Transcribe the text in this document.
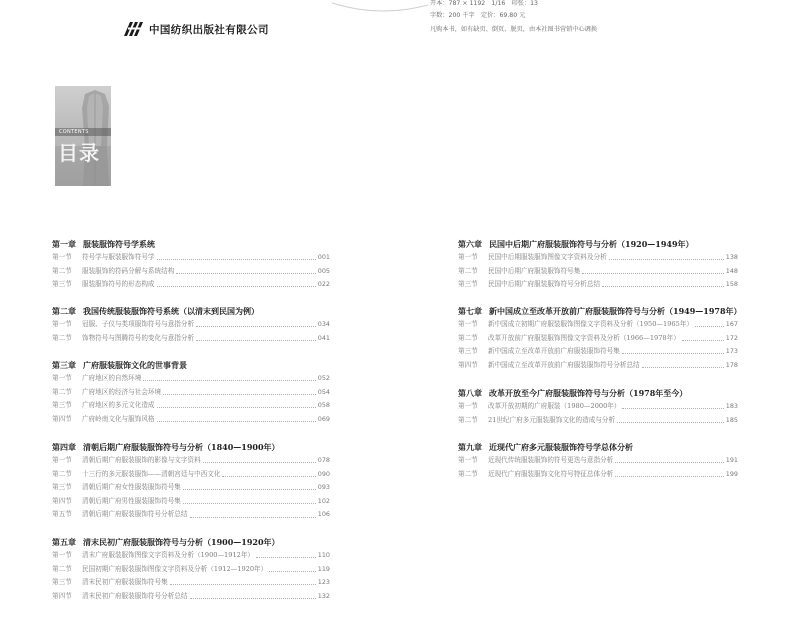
中国纺织出版社有限公司
开本：787 × 1192　1/16　印张：13
字数：200 千字　定价：69.80 元
凡购本书，如有缺页、倒页、脱页，由本社图书营销中心调换
CONTENTS
目录
第一章 服装服饰符号学系统
第一节	符号学与服装服饰符号学	001
第二节	服装服饰的符码分解与系统结构	005
第三节	服装服饰符号的形态构成	022
第二章 我国传统服装服饰符号系统（以清末到民国为例）
第一节	冠服、子仪与类项服饰符号与意指分析	034
第二节	饰物符号与图腾符号的变化与意指分析	041
第三章 广府服装服饰文化的世事背景
第一节	广府地区的自然环境	052
第二节	广府地区的经济与社会环境	054
第三节	广府地区的多元文化造成	058
第四节	广府岭南文化与服饰风格	069
第四章 清朝后期广府服装服饰符号与分析（1840—1900年）
第一节	清朝后期广府服装服饰的影像与文字资料	078
第二节	十三行的多元服装服饰——清朝宫廷与中西文化	090
第三节	清朝后期广府女性服装服饰符号集	093
第四节	清朝后期广府男性服装服饰符号集	102
第五节	清朝后期广府服装服饰符号分析总结	106
第五章 清末民初广府服装服饰符号与分析（1900—1920年）
第一节	清末广府服装服饰图像文字资料及分析（1900—1912年）	110
第二节	民国初期广府服装服饰图像文字资料及分析（1912—1920年）	119
第三节	清末民初广府服装服饰符号集	123
第四节	清末民初广府服装服饰符号分析总结	132
第六章 民国中后期广府服装服饰符号与分析（1920—1949年）
第一节	民国中后期服装服饰图像文字资料及分析	138
第二节	民国中后期广府服装服饰符号集	148
第三节	民国中后期广府服装服饰符号分析总结	158
第七章 新中国成立至改革开放前广府服装服饰符号与分析（1949—1978年）
第一节	新中国成立初期广府服装服饰图像文字资料及分析（1950—1965年）	167
第二节	改革开放前广府服装服饰图像文字资料及分析（1966—1978年）	172
第三节	新中国成立至改革开放前广府服装服饰符号集	173
第四节	新中国成立至改革开放前广府服装服饰符号分析总结	178
第八章 改革开放至今广府服装服饰符号与分析（1978年至今）
第一节	改革开放初期的广府服装（1980—2000年）	183
第二节	21世纪广府多元服装服饰文化的造成与分析	185
第九章 近现代广府多元服装服饰符号学总体分析
第一节	近现代传统服装服饰的符号更迭与意指分析	191
第二节	近现代广府服装服饰文化符号特征总体分析	199
